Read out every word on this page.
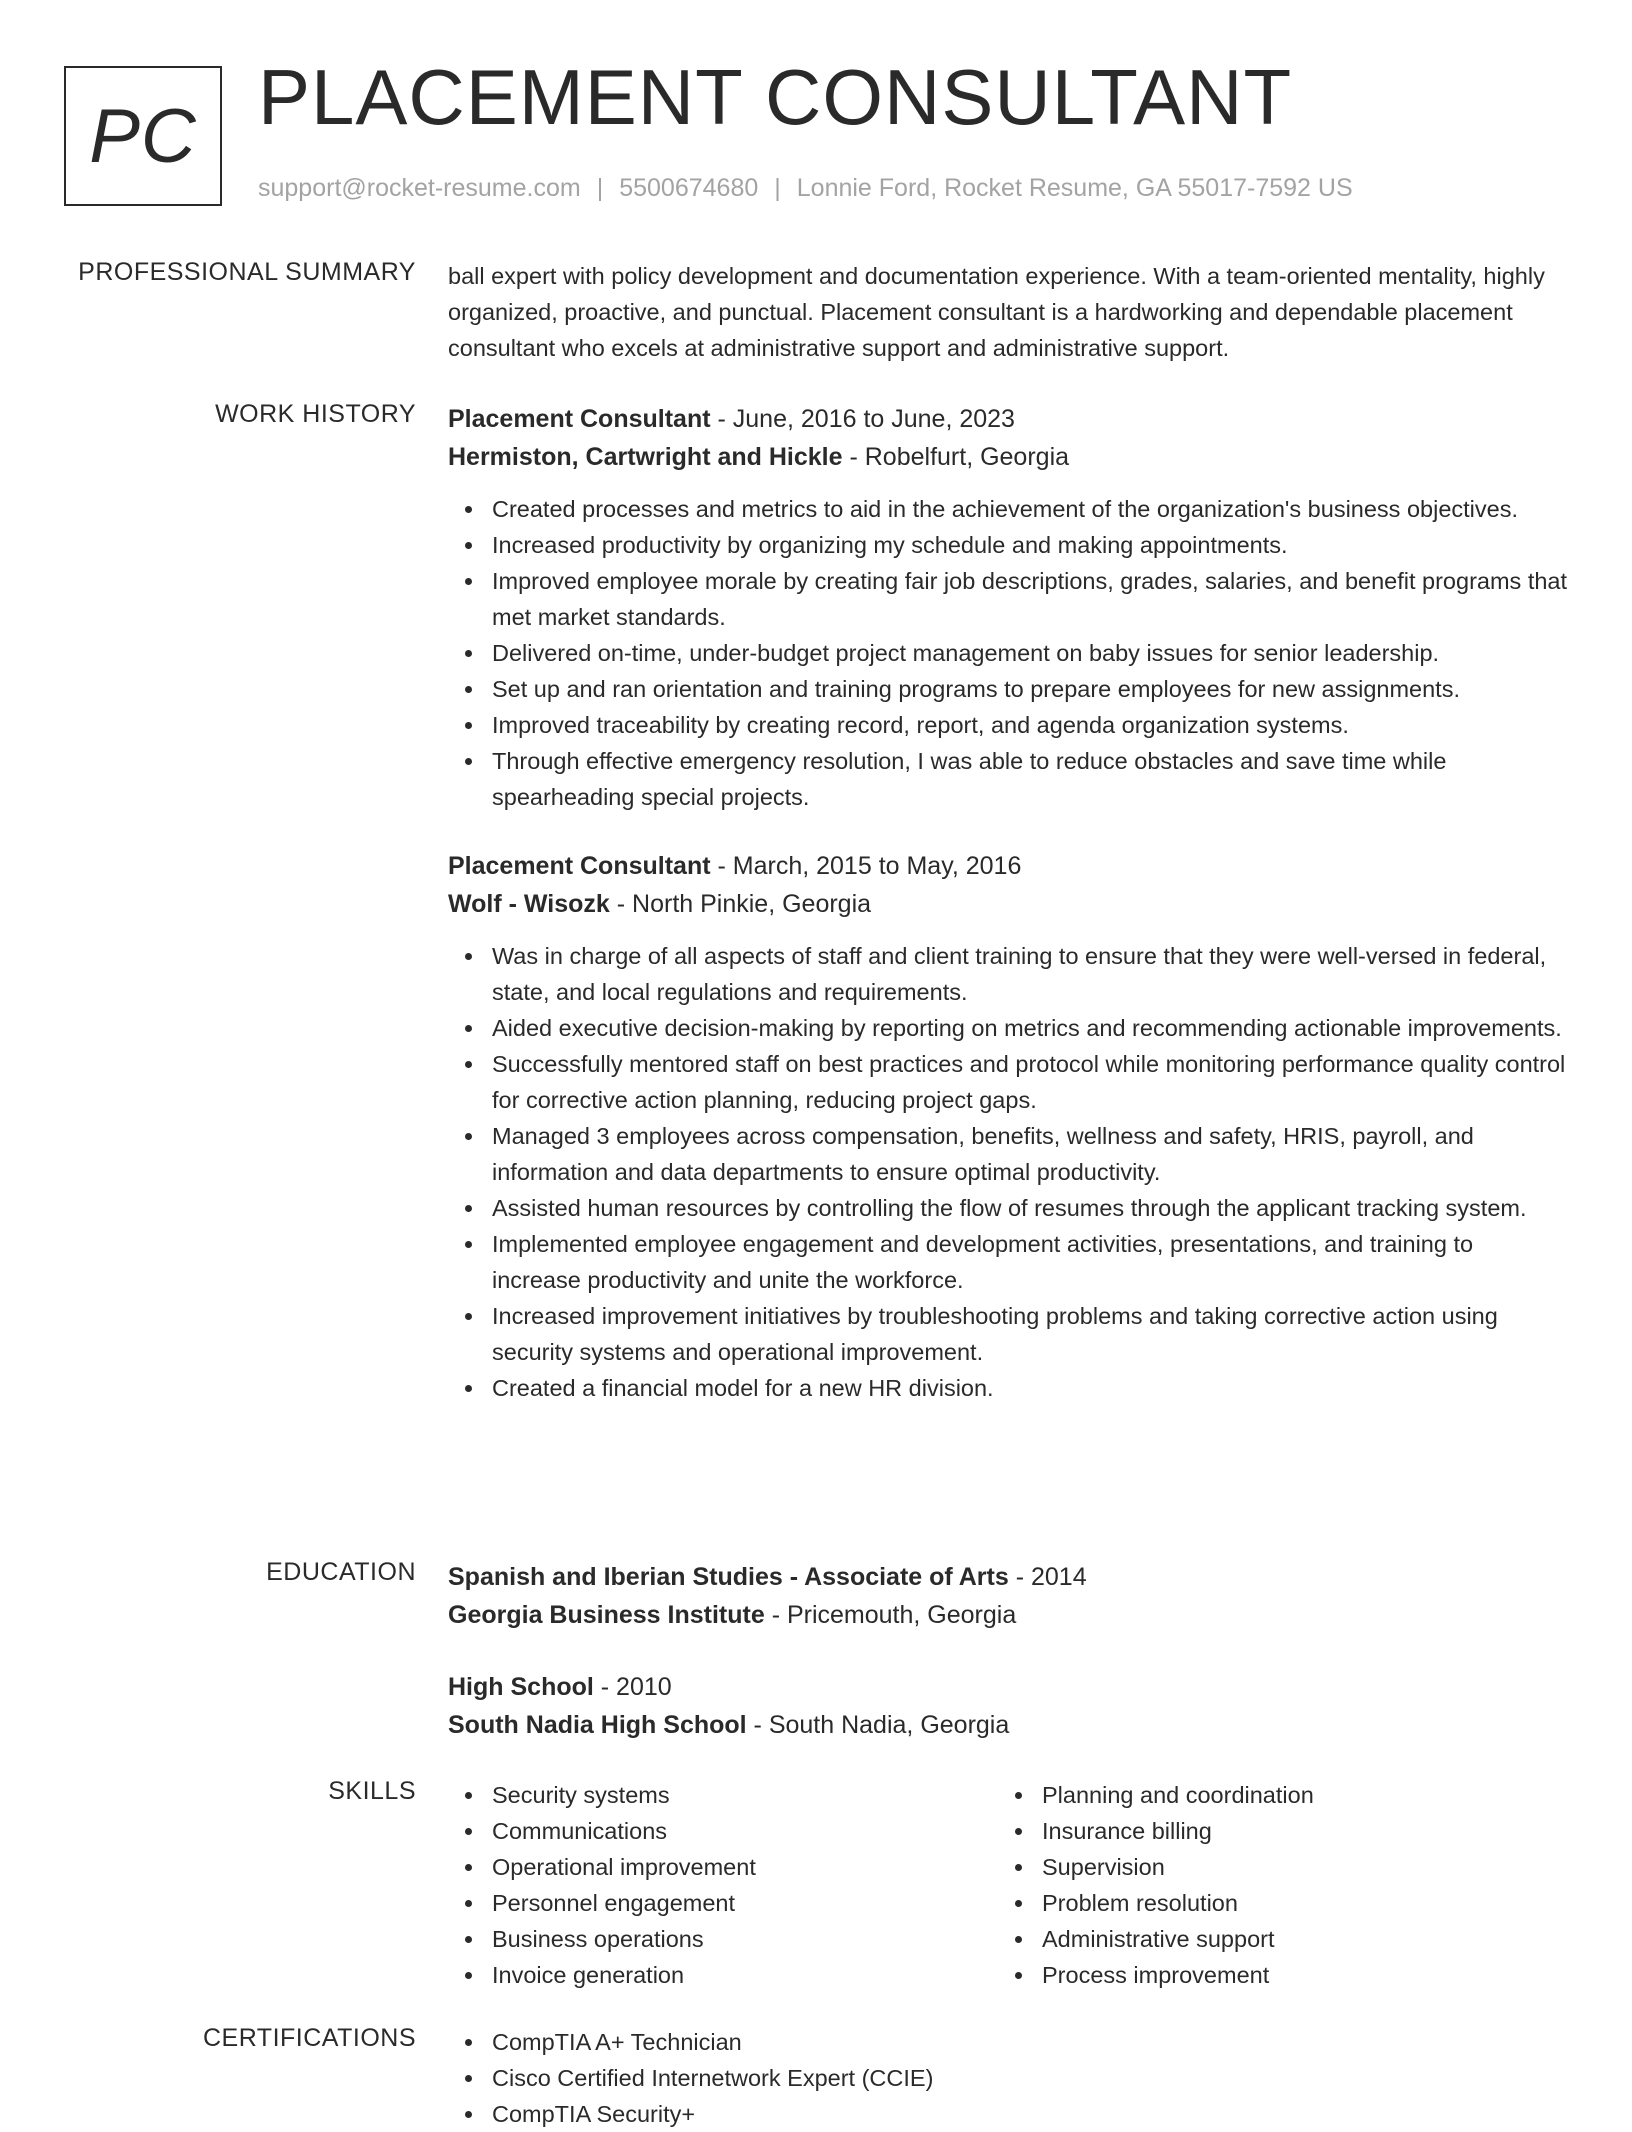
PC PLACEMENT CONSULTANT
support@rocket-resume.com | 5500674680 | Lonnie Ford, Rocket Resume, GA 55017-7592 US
PROFESSIONAL SUMMARY ball expert with policy development and documentation experience. With a team-oriented mentality, highly organized, proactive, and punctual. Placement consultant is a hardworking and dependable placement consultant who excels at administrative support and administrative support.

WORK HISTORY Placement Consultant - June, 2016 to June, 2023
Hermiston, Cartwright and Hickle - Robelfurt, Georgia
Created processes and metrics to aid in the achievement of the organization's business objectives.
Increased productivity by organizing my schedule and making appointments.
Improved employee morale by creating fair job descriptions, grades, salaries, and benefit programs that met market standards.
Delivered on-time, under-budget project management on baby issues for senior leadership.
Set up and ran orientation and training programs to prepare employees for new assignments.
Improved traceability by creating record, report, and agenda organization systems.
Through effective emergency resolution, I was able to reduce obstacles and save time while spearheading special projects.
Placement Consultant - March, 2015 to May, 2016
Wolf - Wisozk - North Pinkie, Georgia
Was in charge of all aspects of staff and client training to ensure that they were well-versed in federal, state, and local regulations and requirements.
Aided executive decision-making by reporting on metrics and recommending actionable improvements.
Successfully mentored staff on best practices and protocol while monitoring performance quality control for corrective action planning, reducing project gaps.
Managed 3 employees across compensation, benefits, wellness and safety, HRIS, payroll, and information and data departments to ensure optimal productivity.
Assisted human resources by controlling the flow of resumes through the applicant tracking system.
Implemented employee engagement and development activities, presentations, and training to increase productivity and unite the workforce.
Increased improvement initiatives by troubleshooting problems and taking corrective action using security systems and operational improvement.
Created a financial model for a new HR division.
EDUCATION Spanish and Iberian Studies - Associate of Arts - 2014
Georgia Business Institute - Pricemouth, Georgia
High School - 2010
South Nadia High School - South Nadia, Georgia
SKILLS	Security systems
Communications
Operational improvement
Personnel engagement
Business operations
Invoice generation
Planning and coordination
Insurance billing
Supervision
Problem resolution
Administrative support
Process improvement
CERTIFICATIONS	CompTIA A+ Technician
Cisco Certified Internetwork Expert (CCIE)
CompTIA Security+
